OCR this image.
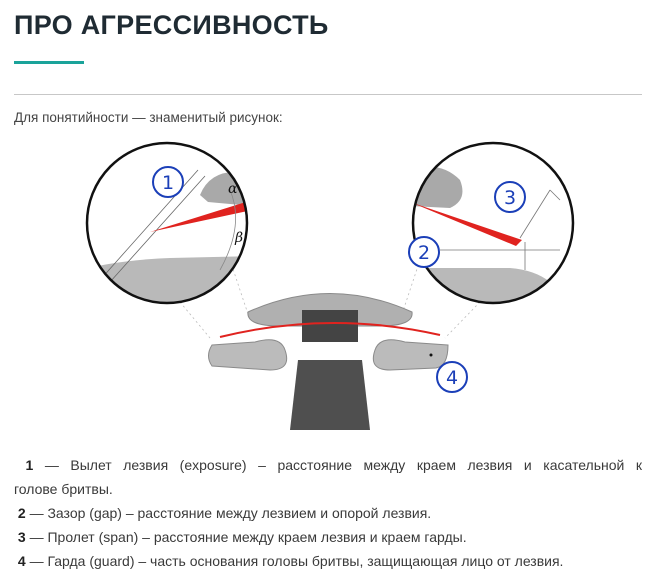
ПРО АГРЕССИВНОСТЬ
Для понятийности — знаменитый рисунок:
α
β
1
2
3
4

1 — Вылет лезвия (exposure) – расстояние между краем лезвия и касательной к

голове бритвы.

2 — Зазор (gap) – расстояние между лезвием и опорой лезвия.

3 — Пролет (span) – расстояние между краем лезвия и краем гарды.

4 — Гарда (guard) – часть основания головы бритвы, защищающая лицо от лезвия.
